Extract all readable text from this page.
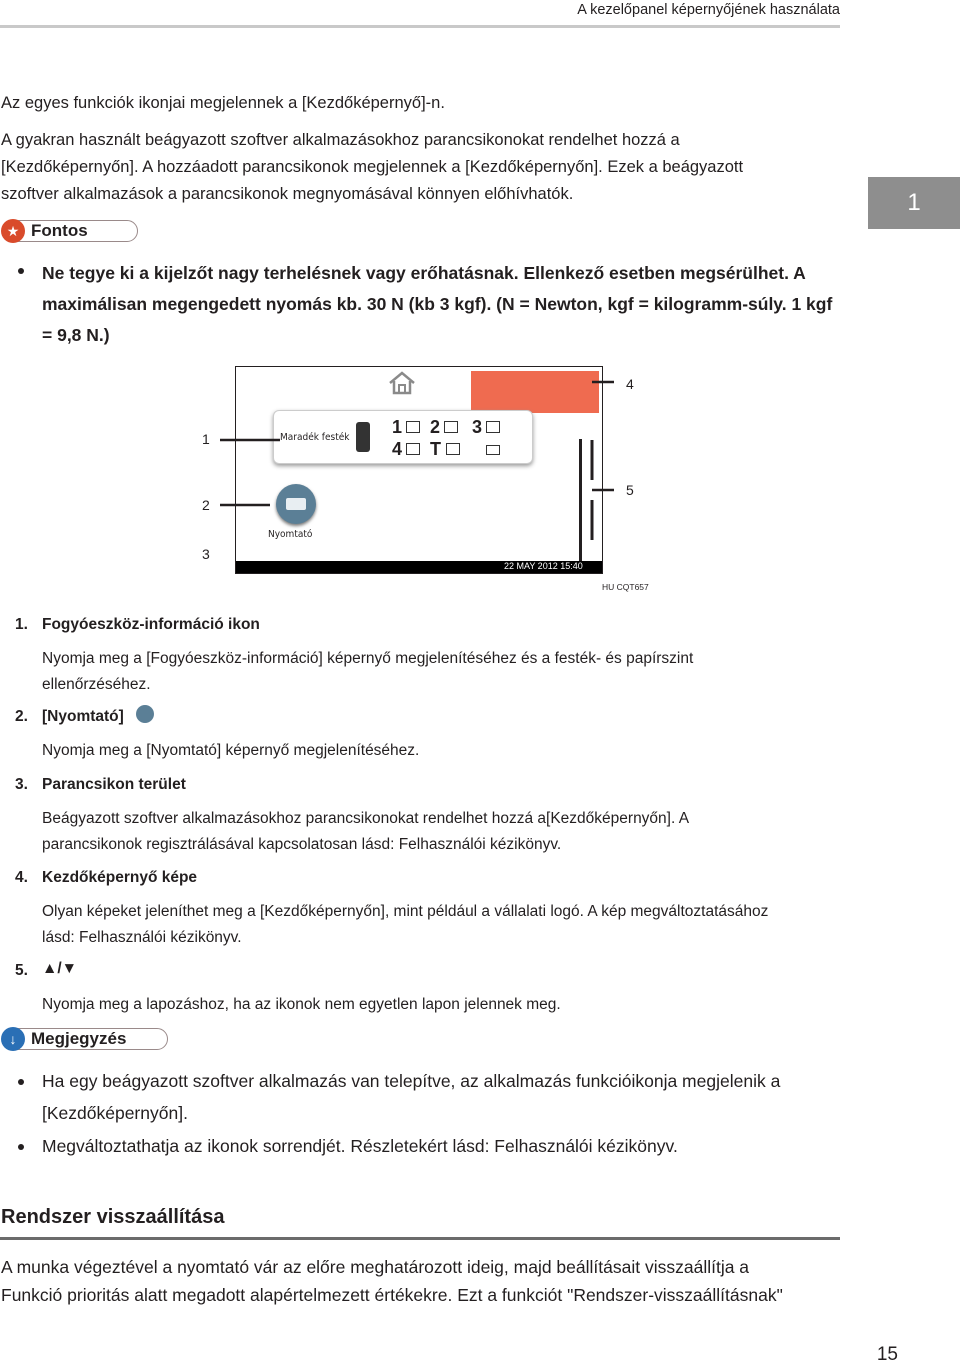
A kezelőpanel képernyőjének használata
1
Az egyes funkciók ikonjai megjelennek a [Kezdőképernyő]-n.
A gyakran használt beágyazott szoftver alkalmazásokhoz parancsikonokat rendelhet hozzá a
[Kezdőképernyőn]. A hozzáadott parancsikonok megjelennek a [Kezdőképernyőn]. Ezek a beágyazott
szoftver alkalmazások a parancsikonok megnyomásával könnyen előhívhatók.
★ Fontos
Ne tegye ki a kijelzőt nagy terhelésnek vagy erőhatásnak. Ellenkező esetben megsérülhet. A
maximálisan megengedett nyomás kb. 30 N (kb 3 kgf). (N = Newton, kgf = kilogramm-súly. 1 kgf
= 9,8 N.)
Maradék festék
1 2 3
4 T
Nyomtató
22 MAY 2012 15:40
1
2
3
4
5
HU CQT657
1. Fogyóeszköz-információ ikon
Nyomja meg a [Fogyóeszköz-információ] képernyő megjelenítéséhez és a festék- és papírszint
ellenőrzéséhez.
2. [Nyomtató]
Nyomja meg a [Nyomtató] képernyő megjelenítéséhez.
3. Parancsikon terület
Beágyazott szoftver alkalmazásokhoz parancsikonokat rendelhet hozzá a[Kezdőképernyőn]. A
parancsikonok regisztrálásával kapcsolatosan lásd: Felhasználói kézikönyv.
4. Kezdőképernyő képe
Olyan képeket jeleníthet meg a [Kezdőképernyőn], mint például a vállalati logó. A kép megváltoztatásához
lásd: Felhasználói kézikönyv.
5. ▲/▼
Nyomja meg a lapozáshoz, ha az ikonok nem egyetlen lapon jelennek meg.
↓ Megjegyzés
Ha egy beágyazott szoftver alkalmazás van telepítve, az alkalmazás funkcióikonja megjelenik a
[Kezdőképernyőn].
Megváltoztathatja az ikonok sorrendjét. Részletekért lásd: Felhasználói kézikönyv.
Rendszer visszaállítása
A munka végeztével a nyomtató vár az előre meghatározott ideig, majd beállításait visszaállítja a
Funkció prioritás alatt megadott alapértelmezett értékekre. Ezt a funkciót "Rendszer-visszaállításnak"
15
